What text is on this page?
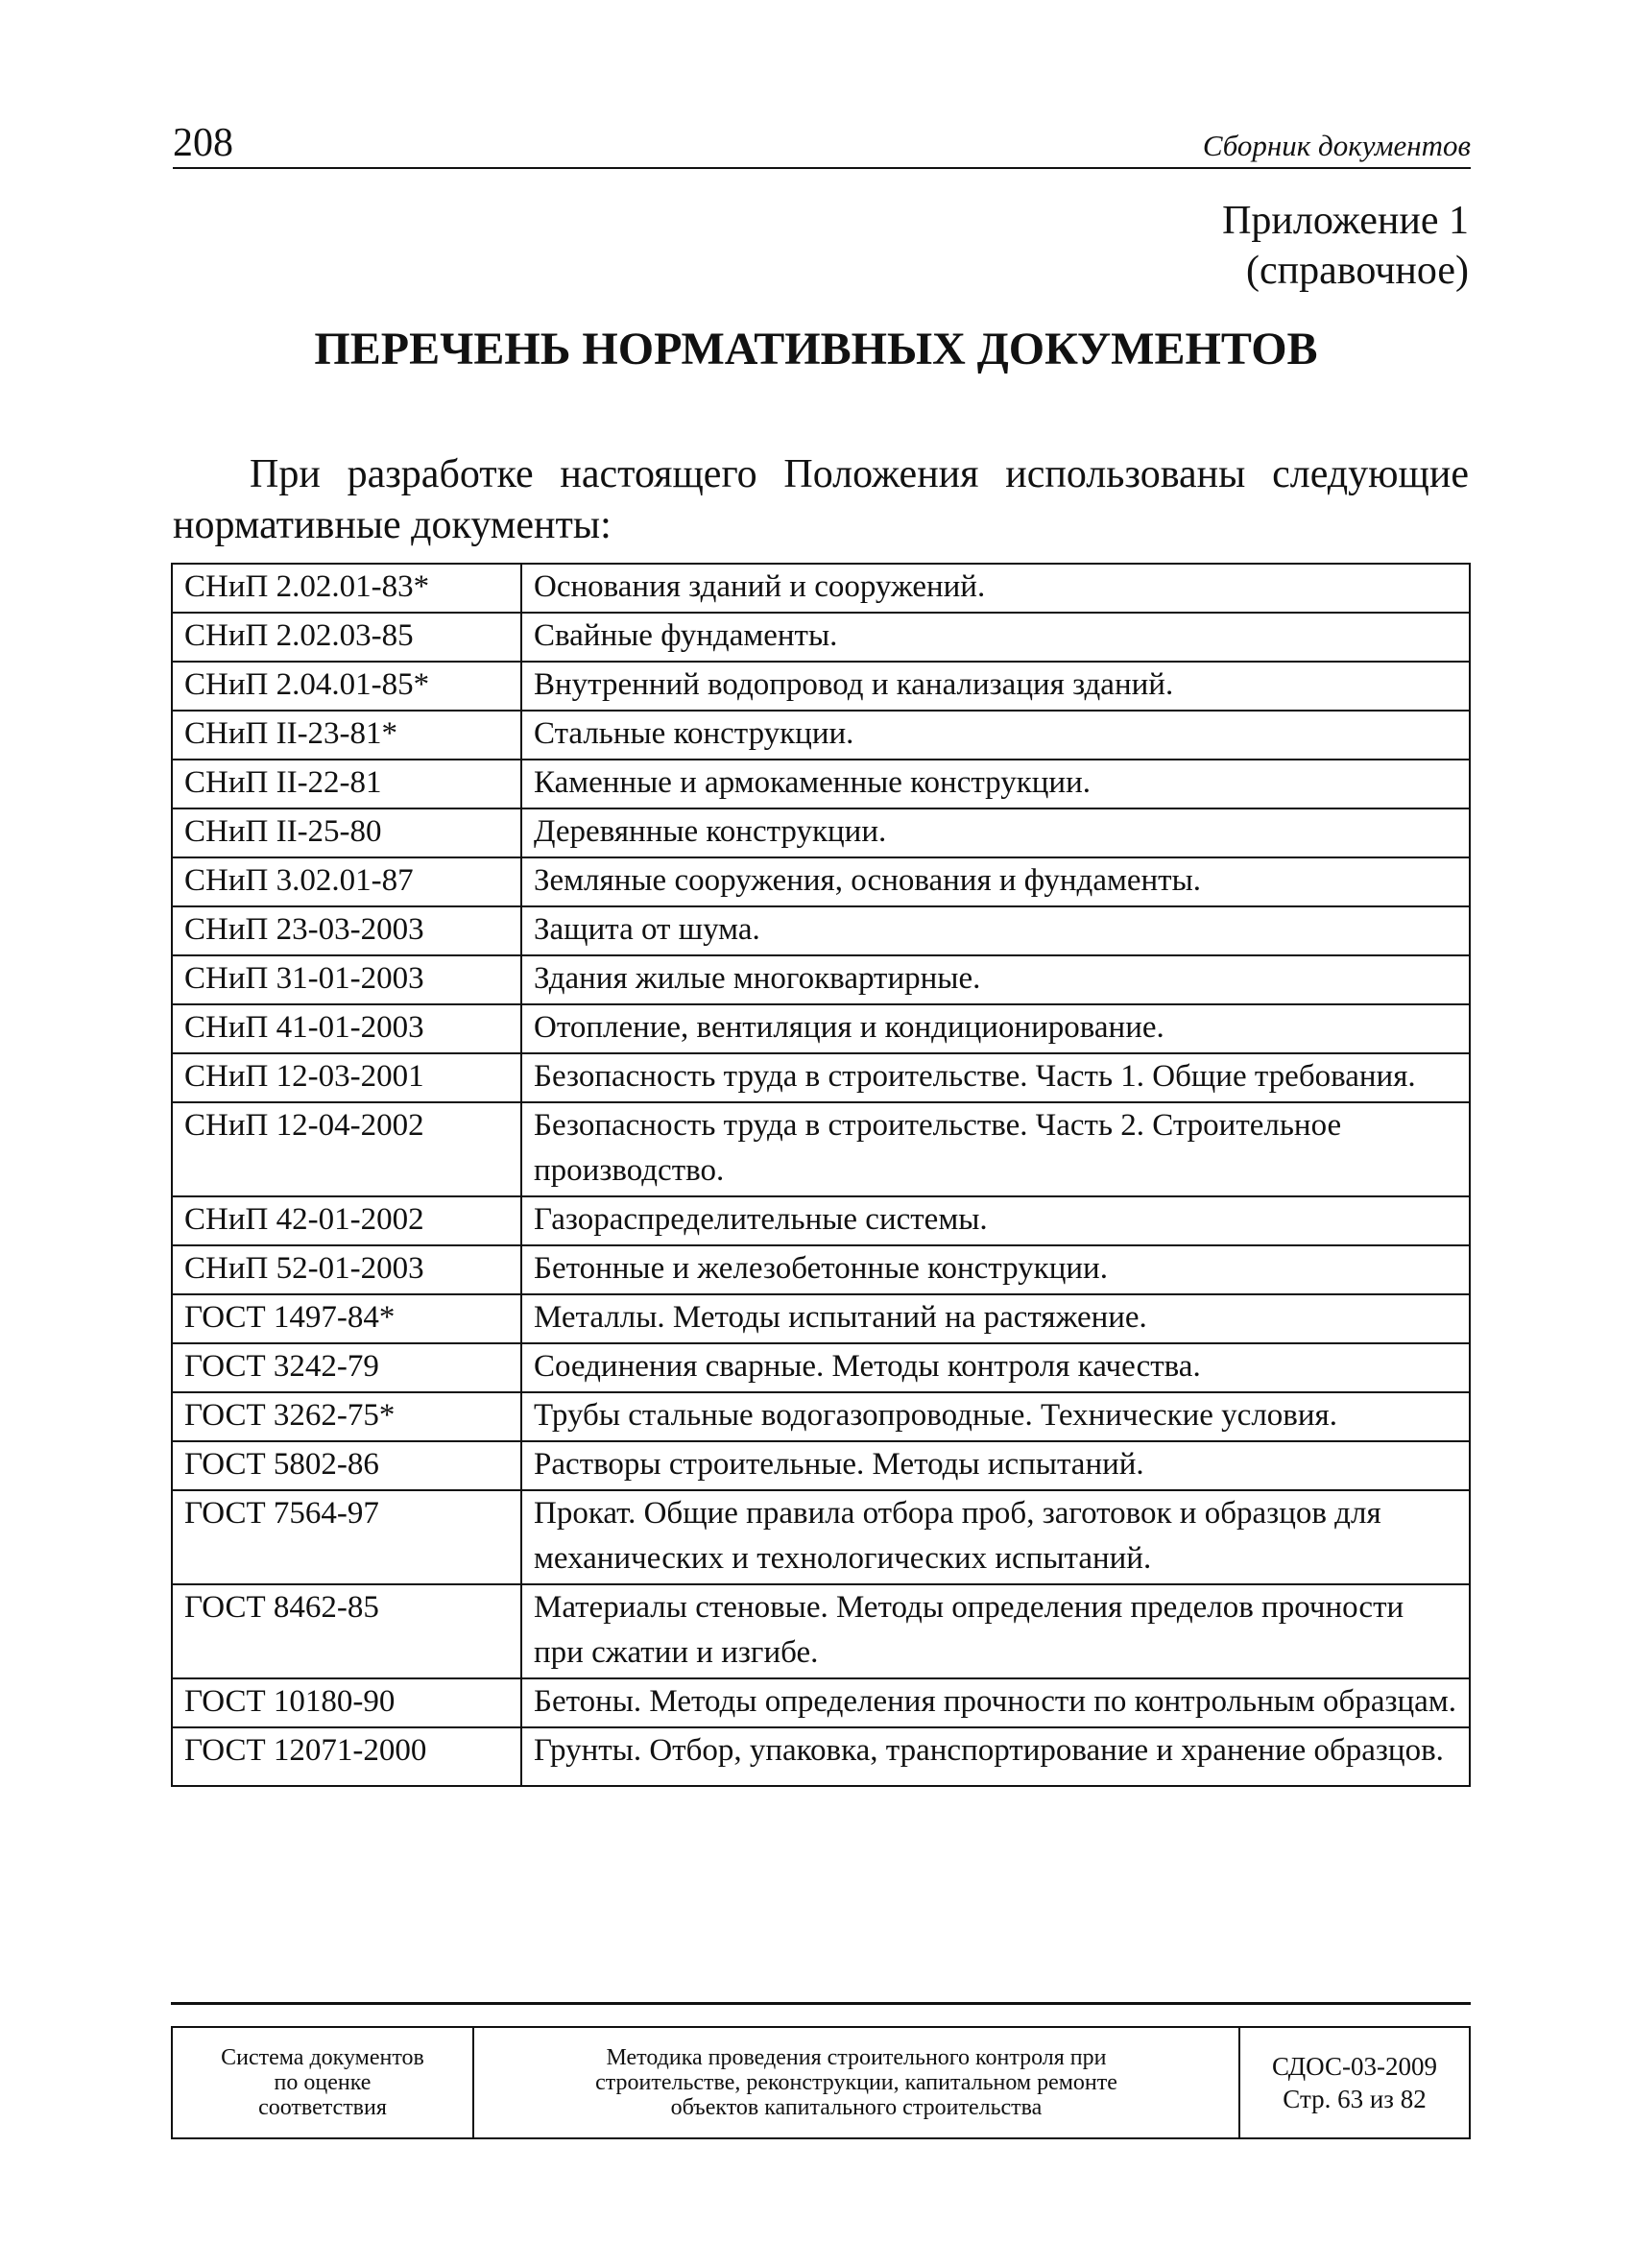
208	Сборник документов
Приложение 1
(справочное)
ПЕРЕЧЕНЬ НОРМАТИВНЫХ ДОКУМЕНТОВ
При разработке настоящего Положения использованы следующие нормативные документы:
СНиП 2.02.01-83*	Основания зданий и сооружений.
СНиП 2.02.03-85	Свайные фундаменты.
СНиП 2.04.01-85*	Внутренний водопровод и канализация зданий.
СНиП II-23-81*	Стальные конструкции.
СНиП II-22-81	Каменные и армокаменные конструкции.
СНиП II-25-80	Деревянные конструкции.
СНиП 3.02.01-87	Земляные сооружения, основания и фундаменты.
СНиП 23-03-2003	Защита от шума.
СНиП 31-01-2003	Здания жилые многоквартирные.
СНиП 41-01-2003	Отопление, вентиляция и кондиционирование.
СНиП 12-03-2001	Безопасность труда в строительстве. Часть 1. Общие требования.
СНиП 12-04-2002	Безопасность труда в строительстве. Часть 2. Строительное производство.
СНиП 42-01-2002	Газораспределительные системы.
СНиП 52-01-2003	Бетонные и железобетонные конструкции.
ГОСТ 1497-84*	Металлы. Методы испытаний на растяжение.
ГОСТ 3242-79	Соединения сварные. Методы контроля качества.
ГОСТ 3262-75*	Трубы стальные водогазопроводные. Технические условия.
ГОСТ 5802-86	Растворы строительные. Методы испытаний.
ГОСТ 7564-97	Прокат. Общие правила отбора проб, заготовок и образцов для механических и технологических испытаний.
ГОСТ 8462-85	Материалы стеновые. Методы определения пределов прочности при сжатии и изгибе.
ГОСТ 10180-90	Бетоны. Методы определения прочности по контрольным образцам.
ГОСТ 12071-2000	Грунты. Отбор, упаковка, транспортирование и хранение образцов.
Система документов
по оценке
соответствия

Методика проведения строительного контроля при
строительстве, реконструкции, капитальном ремонте
объектов капитального строительства

СДОС-03-2009
Стр. 63 из 82
